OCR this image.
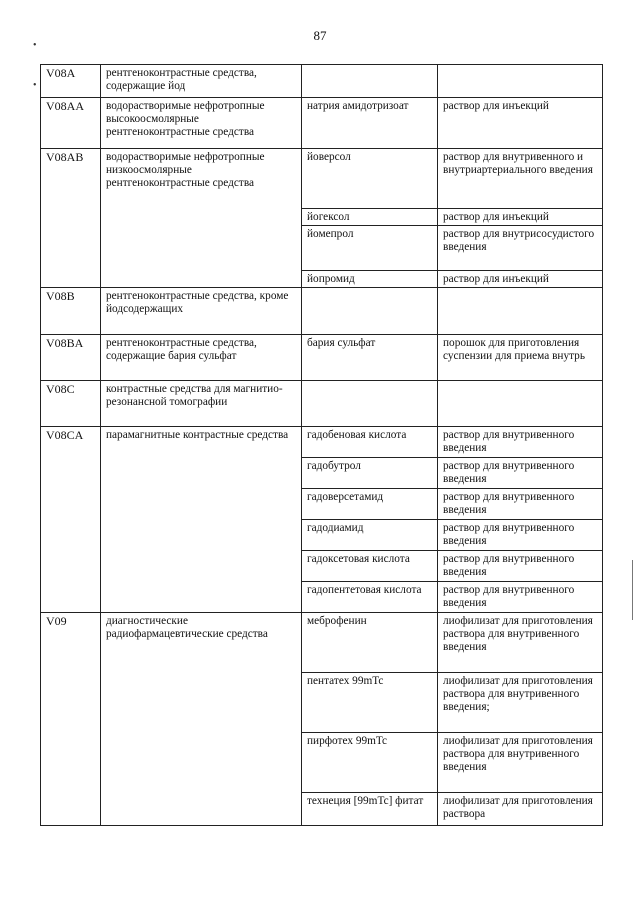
87
•
•
V08A	рентгеноконтрастные средства, содержащие йод		
V08AA	водорастворимые нефротропные высокоосмолярные рентгеноконтрастные средства	натрия амидотризоат	раствор для инъекций
V08AB	водорастворимые нефротропные низкоосмолярные рентгеноконтрастные средства	йоверсол	раствор для внутривенного и внутриартериального введения
		йогексол	раствор для инъекций
		йомепрол	раствор для внутрисосудистого введения
		йопромид	раствор для инъекций
V08B	рентгеноконтрастные средства, кроме йодсодержащих		
V08BA	рентгеноконтрастные средства, содержащие бария сульфат	бария сульфат	порошок для приготовления суспензии для приема внутрь
V08C	контрастные средства для магнитио-резонансной томографии		
V08CA	парамагнитные контрастные средства	гадобеновая кислота	раствор для внутривенного введения
		гадобутрол	раствор для внутривенного введения
		гадоверсетамид	раствор для внутривенного введения
		гадодиамид	раствор для внутривенного введения
		гадоксетовая кислота	раствор для внутривенного введения
		гадопентетовая кислота	раствор для внутривенного введения
V09	диагностические радиофармацевтические средства	меброфенин	лиофилизат для приготовления раствора для внутривенного введения
		пентатех 99mTc	лиофилизат для приготовления раствора для внутривенного введения;
		пирфотех 99mTc	лиофилизат для приготовления раствора для внутривенного введения
		технеция [99mTc] фитат	лиофилизат для приготовления раствора
